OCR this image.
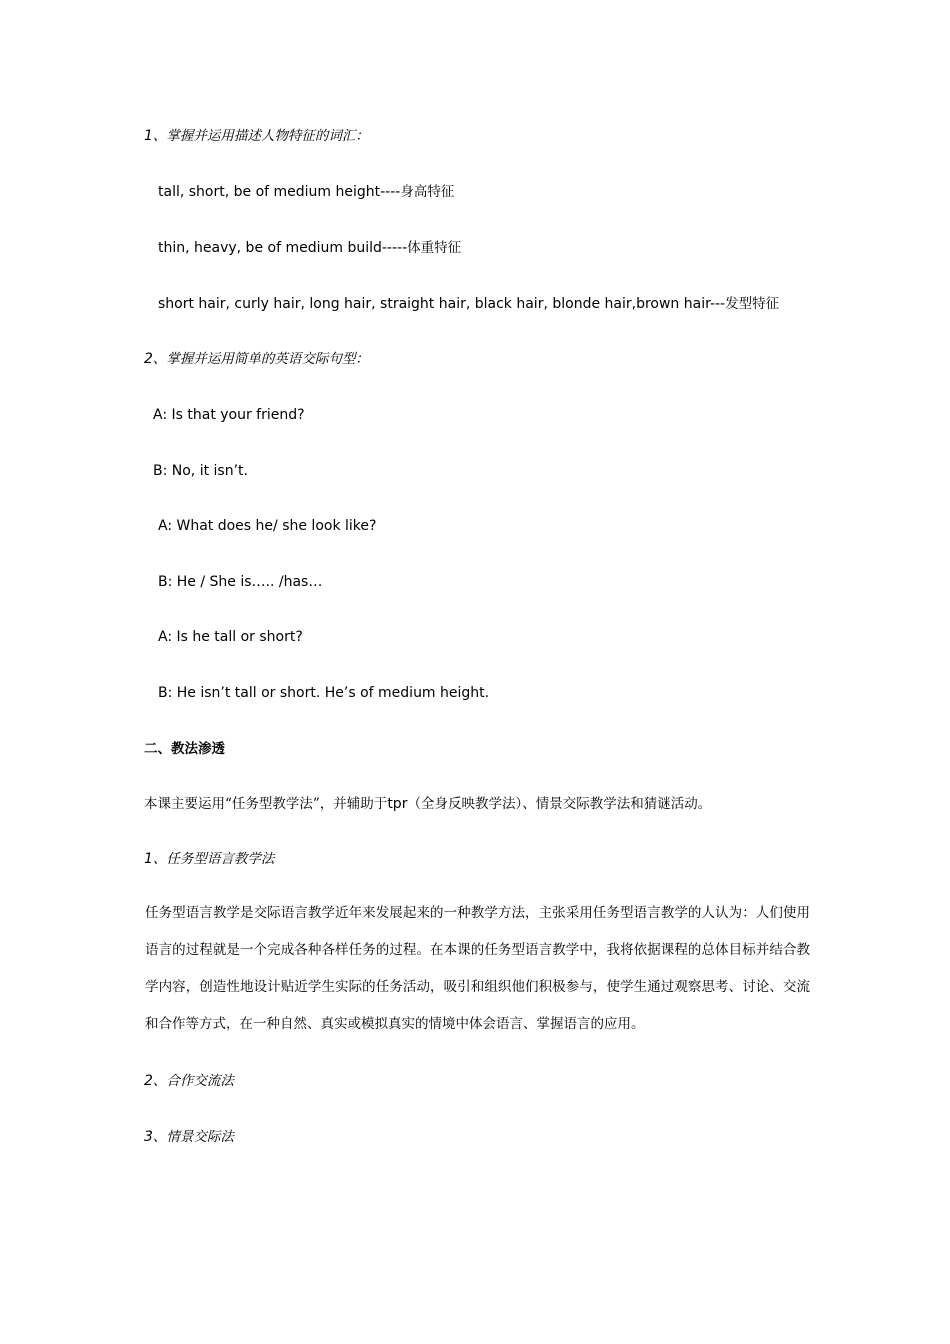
1、掌握并运用描述人物特征的词汇：
tall, short, be of medium height----身高特征
thin, heavy, be of medium build-----体重特征
short hair, curly hair, long hair, straight hair, black hair, blonde hair,brown hair---发型特征
2、掌握并运用简单的英语交际句型：
A: Is that your friend?
B: No, it isn’t.
A: What does he/ she look like?
B: He / She is….. /has…
A: Is he tall or short?
B: He isn’t tall or short. He’s of medium height.
二、教法渗透
本课主要运用“任务型教学法”，并辅助于tpr（全身反映教学法）、情景交际教学法和猜谜活动。
1、任务型语言教学法
任务型语言教学是交际语言教学近年来发展起来的一种教学方法，主张采用任务型语言教学的人认为：人们使用语言的过程就是一个完成各种各样任务的过程。在本课的任务型语言教学中，我将依据课程的总体目标并结合教学内容，创造性地设计贴近学生实际的任务活动，吸引和组织他们积极参与，使学生通过观察思考、讨论、交流和合作等方式，在一种自然、真实或模拟真实的情境中体会语言、掌握语言的应用。
2、合作交流法
3、情景交际法
